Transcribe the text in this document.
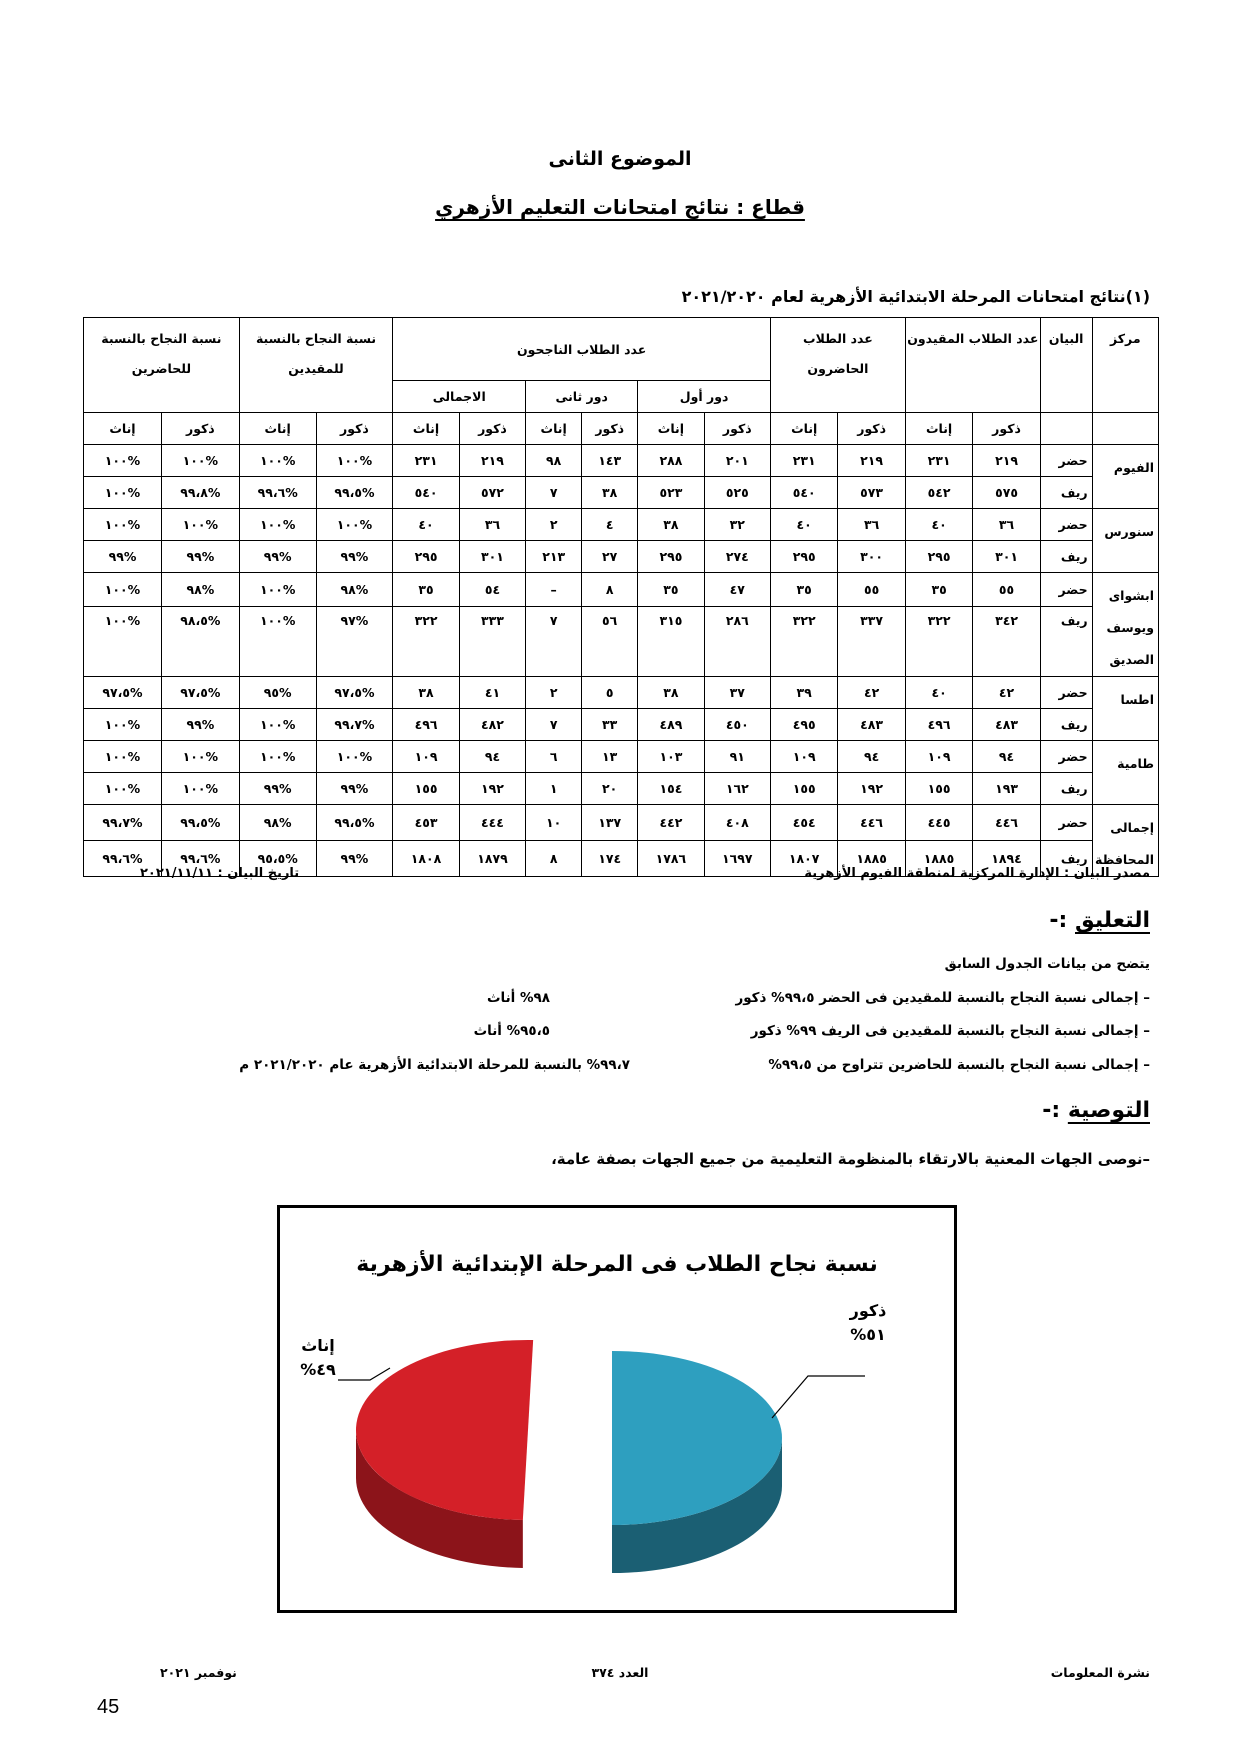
الموضوع الثانى
قطاع : نتائج امتحانات التعليم الأزهري
(١)نتائج امتحانات المرحلة الابتدائية الأزهرية لعام ٢٠٢١/٢٠٢٠
مركز	البيان	عدد الطلاب المقيدون		عدد الطلاب الحاضرون		عدد الطلاب الناجحون						نسبة النجاح بالنسبة للمقيدين		نسبة النجاح بالنسبة للحاضرين	
						دور أول		دور ثانى		الاجمالى					

		ذكور	إناث	ذكور	إناث	ذكور	إناث	ذكور	إناث	ذكور	إناث	ذكور	إناث	ذكور	إناث

الفيوم	حضر	٢١٩	٢٣١	٢١٩	٢٣١	٢٠١	٢٨٨	١٤٣	٩٨	٢١٩	٢٣١	%١٠٠	%١٠٠	%١٠٠	%١٠٠
	ريف	٥٧٥	٥٤٢	٥٧٣	٥٤٠	٥٢٥	٥٢٣	٣٨	٧	٥٧٢	٥٤٠	%٩٩،٥	%٩٩،٦	%٩٩،٨	%١٠٠

سنورس	حضر	٣٦	٤٠	٣٦	٤٠	٣٢	٣٨	٤	٢	٣٦	٤٠	%١٠٠	%١٠٠	%١٠٠	%١٠٠
	ريف	٣٠١	٢٩٥	٣٠٠	٢٩٥	٢٧٤	٢٩٥	٢٧	٢١٣	٣٠١	٢٩٥	%٩٩	%٩٩	%٩٩	%٩٩

ابشواى
ويوسف
الصديق	حضر	٥٥	٣٥	٥٥	٣٥	٤٧	٣٥	٨	–	٥٤	٣٥	%٩٨	%١٠٠	%٩٨	%١٠٠
	ريف	٣٤٢	٣٢٢	٣٣٧	٣٢٢	٢٨٦	٣١٥	٥٦	٧	٣٣٣	٣٢٢	%٩٧	%١٠٠	%٩٨،٥	%١٠٠

اطسا	حضر	٤٢	٤٠	٤٢	٣٩	٣٧	٣٨	٥	٢	٤١	٣٨	%٩٧،٥	%٩٥	%٩٧،٥	%٩٧،٥
	ريف	٤٨٣	٤٩٦	٤٨٣	٤٩٥	٤٥٠	٤٨٩	٣٣	٧	٤٨٢	٤٩٦	%٩٩،٧	%١٠٠	%٩٩	%١٠٠

طامية	حضر	٩٤	١٠٩	٩٤	١٠٩	٩١	١٠٣	١٣	٦	٩٤	١٠٩	%١٠٠	%١٠٠	%١٠٠	%١٠٠
	ريف	١٩٣	١٥٥	١٩٢	١٥٥	١٦٢	١٥٤	٢٠	١	١٩٢	١٥٥	%٩٩	%٩٩	%١٠٠	%١٠٠

إجمالى
المحافظة	حضر	٤٤٦	٤٤٥	٤٤٦	٤٥٤	٤٠٨	٤٤٢	١٣٧	١٠	٤٤٤	٤٥٣	%٩٩،٥	%٩٨	%٩٩،٥	%٩٩،٧
	ريف	١٨٩٤	١٨٨٥	١٨٨٥	١٨٠٧	١٦٩٧	١٧٨٦	١٧٤	٨	١٨٧٩	١٨٠٨	%٩٩	%٩٥،٥	%٩٩،٦	%٩٩،٦
مصدر البيان : الإدارة المركزية لمنطقة الفيوم الأزهرية
تاريخ البيان : ٢٠٢١/١١/١١
التعليق :-
يتضح من بيانات الجدول السابق
– إجمالى نسبة النجاح بالنسبة للمقيدين فى الحضر ٩٩،٥% ذكور
٩٨% أناث
– إجمالى نسبة النجاح بالنسبة للمقيدين فى الريف ٩٩% ذكور
٩٥،٥% أناث
– إجمالى نسبة النجاح بالنسبة للحاضرين تتراوح من ٩٩،٥%
٩٩،٧% بالنسبة للمرحلة الابتدائية الأزهرية عام ٢٠٢١/٢٠٢٠ م
التوصية :-
–نوصى الجهات المعنية بالارتقاء بالمنظومة التعليمية من جميع الجهات بصفة عامة،
نسبة نجاح الطلاب فى المرحلة الإبتدائية الأزهرية
ذكور
%٥١
إناث
%٤٩
نشرة المعلومات
العدد ٣٧٤
نوفمبر ٢٠٢١
45
